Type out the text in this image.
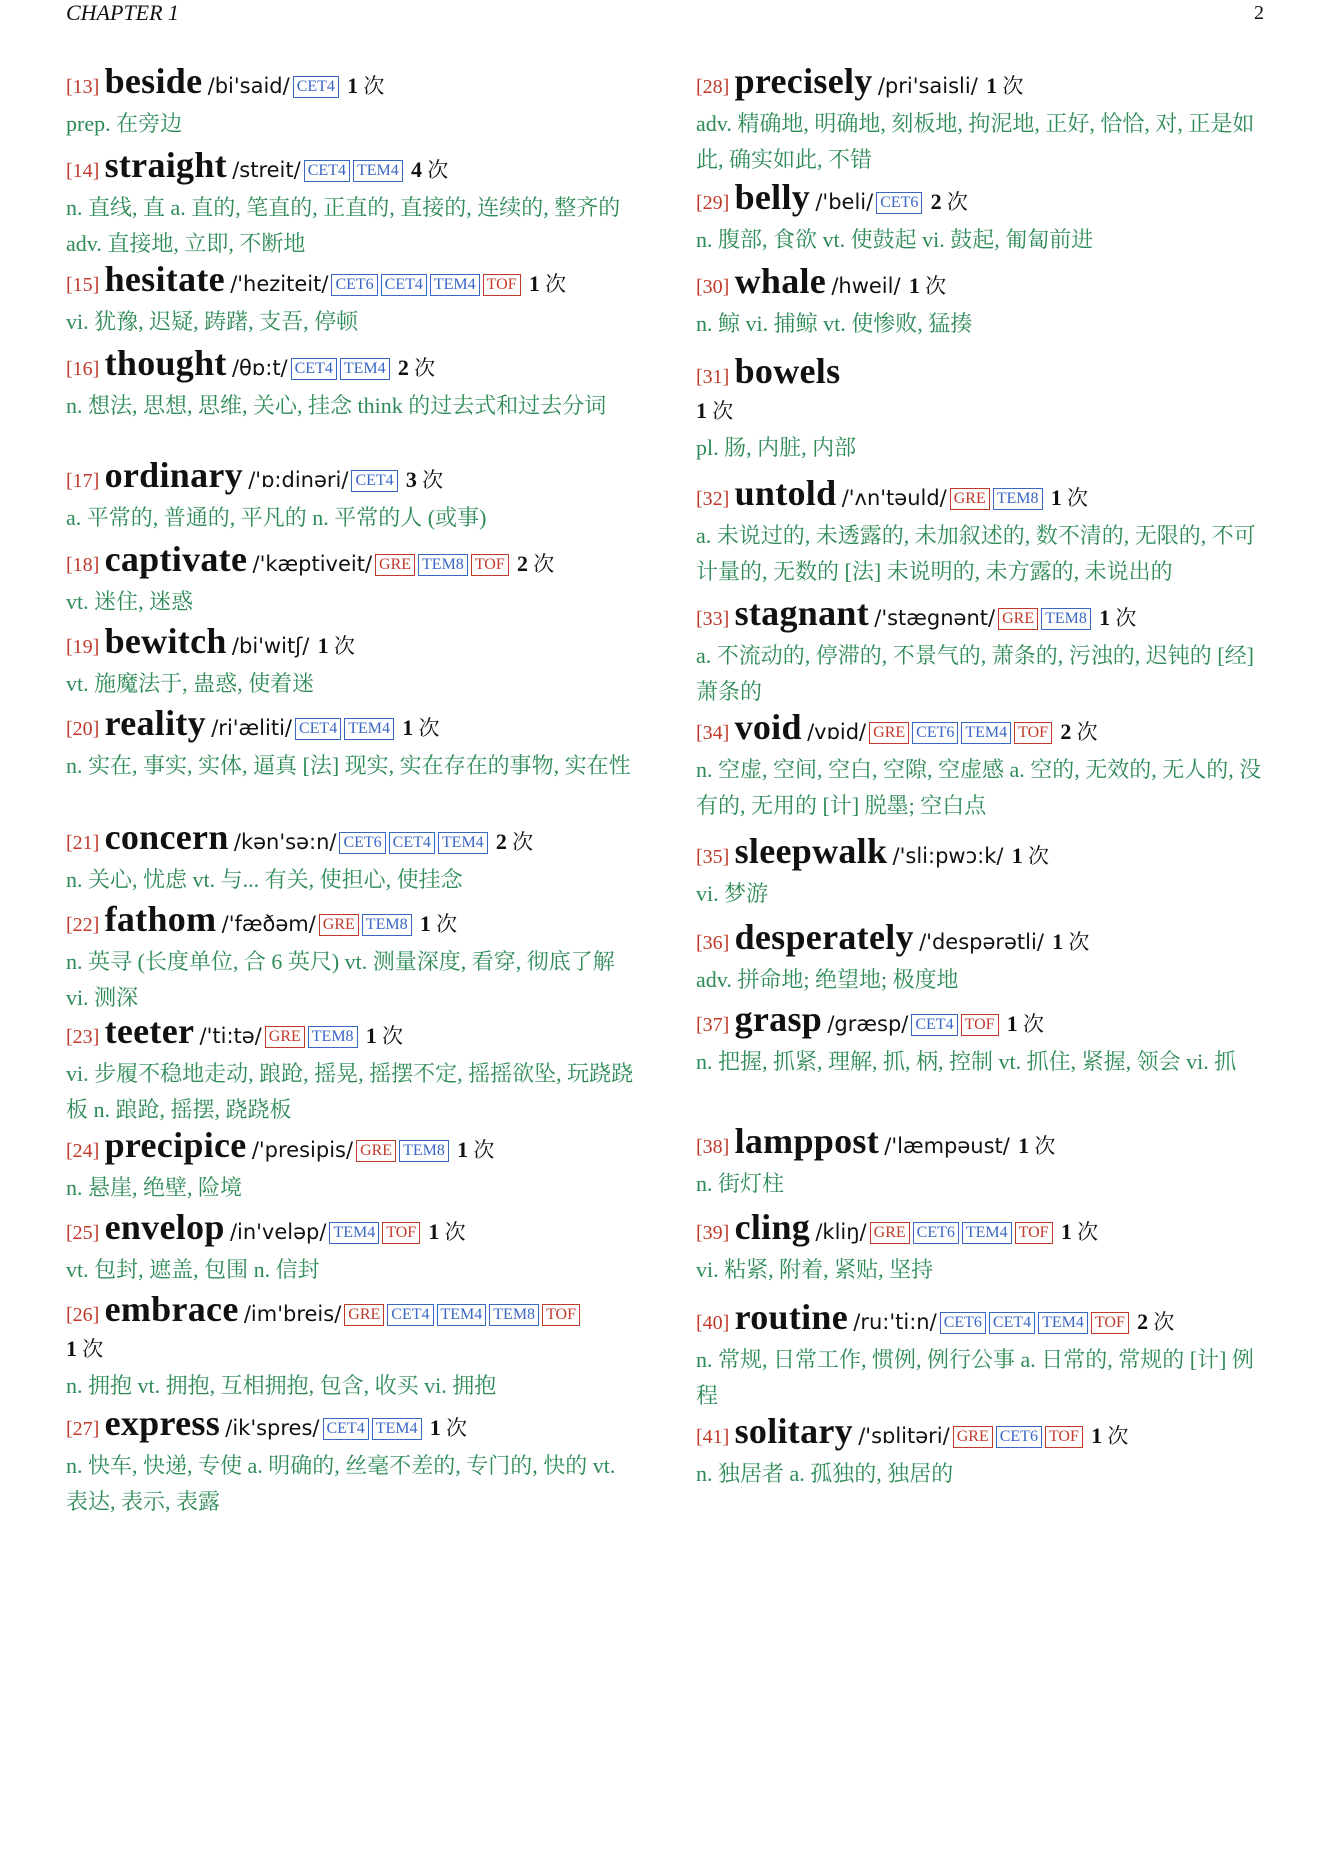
CHAPTER 1	2
[13] beside /bi'said/ CET4 1 次
prep. 在旁边
[14] straight /streit/ CET4 TEM4 4 次
n. 直线, 直 a. 直的, 笔直的, 正直的, 直接的, 连续的, 整齐的 adv. 直接地, 立即, 不断地
[15] hesitate /'heziteit/ CET6 CET4 TEM4 TOF 1 次
vi. 犹豫, 迟疑, 踌躇, 支吾, 停顿
[16] thought /θɒ:t/ CET4 TEM4 2 次
n. 想法, 思想, 思维, 关心, 挂念 think 的过去式和过去分词
[17] ordinary /'ɒ:dinəri/ CET4 3 次
a. 平常的, 普通的, 平凡的 n. 平常的人 (或事)
[18] captivate /'kæptiveit/ GRE TEM8 TOF 2 次
vt. 迷住, 迷惑
[19] bewitch /bi'witʃ/ 1 次
vt. 施魔法于, 蛊惑, 使着迷
[20] reality /ri'æliti/ CET4 TEM4 1 次
n. 实在, 事实, 实体, 逼真 [法] 现实, 实在存在的事物, 实在性
[21] concern /kən'sə:n/ CET6 CET4 TEM4 2 次
n. 关心, 忧虑 vt. 与... 有关, 使担心, 使挂念
[22] fathom /'fæðəm/ GRE TEM8 1 次
n. 英寻 (长度单位, 合 6 英尺) vt. 测量深度, 看穿, 彻底了解 vi. 测深
[23] teeter /'ti:tə/ GRE TEM8 1 次
vi. 步履不稳地走动, 踉跄, 摇晃, 摇摆不定, 摇摇欲坠, 玩跷跷板 n. 踉跄, 摇摆, 跷跷板
[24] precipice /'presipis/ GRE TEM8 1 次
n. 悬崖, 绝壁, 险境
[25] envelop /in'veləp/ TEM4 TOF 1 次
vt. 包封, 遮盖, 包围 n. 信封
[26] embrace /im'breis/ GRE CET4 TEM4 TEM8 TOF
1 次
n. 拥抱 vt. 拥抱, 互相拥抱, 包含, 收买 vi. 拥抱
[27] express /ik'spres/ CET4 TEM4 1 次
n. 快车, 快递, 专使 a. 明确的, 丝毫不差的, 专门的, 快的 vt. 表达, 表示, 表露
[28] precisely /pri'saisli/ 1 次
adv. 精确地, 明确地, 刻板地, 拘泥地, 正好, 恰恰, 对, 正是如此, 确实如此, 不错
[29] belly /'beli/ CET6 2 次
n. 腹部, 食欲 vt. 使鼓起 vi. 鼓起, 匍匐前进
[30] whale /hweil/ 1 次
n. 鲸 vi. 捕鲸 vt. 使惨败, 猛揍
[31] bowels
1 次
pl. 肠, 内脏, 内部
[32] untold /'ʌn'təuld/ GRE TEM8 1 次
a. 未说过的, 未透露的, 未加叙述的, 数不清的, 无限的, 不可计量的, 无数的 [法] 未说明的, 未方露的, 未说出的
[33] stagnant /'stægnənt/ GRE TEM8 1 次
a. 不流动的, 停滞的, 不景气的, 萧条的, 污浊的, 迟钝的 [经] 萧条的
[34] void /vɒid/ GRE CET6 TEM4 TOF 2 次
n. 空虚, 空间, 空白, 空隙, 空虚感 a. 空的, 无效的, 无人的, 没有的, 无用的 [计] 脱墨; 空白点
[35] sleepwalk /'sli:pwɔ:k/ 1 次
vi. 梦游
[36] desperately /'despərətli/ 1 次
adv. 拼命地; 绝望地; 极度地
[37] grasp /græsp/ CET4 TOF 1 次
n. 把握, 抓紧, 理解, 抓, 柄, 控制 vt. 抓住, 紧握, 领会 vi. 抓
[38] lamppost /'læmpəust/ 1 次
n. 街灯柱
[39] cling /kliŋ/ GRE CET6 TEM4 TOF 1 次
vi. 粘紧, 附着, 紧贴, 坚持
[40] routine /ru:'ti:n/ CET6 CET4 TEM4 TOF 2 次
n. 常规, 日常工作, 惯例, 例行公事 a. 日常的, 常规的 [计] 例程
[41] solitary /'sɒlitəri/ GRE CET6 TOF 1 次
n. 独居者 a. 孤独的, 独居的
